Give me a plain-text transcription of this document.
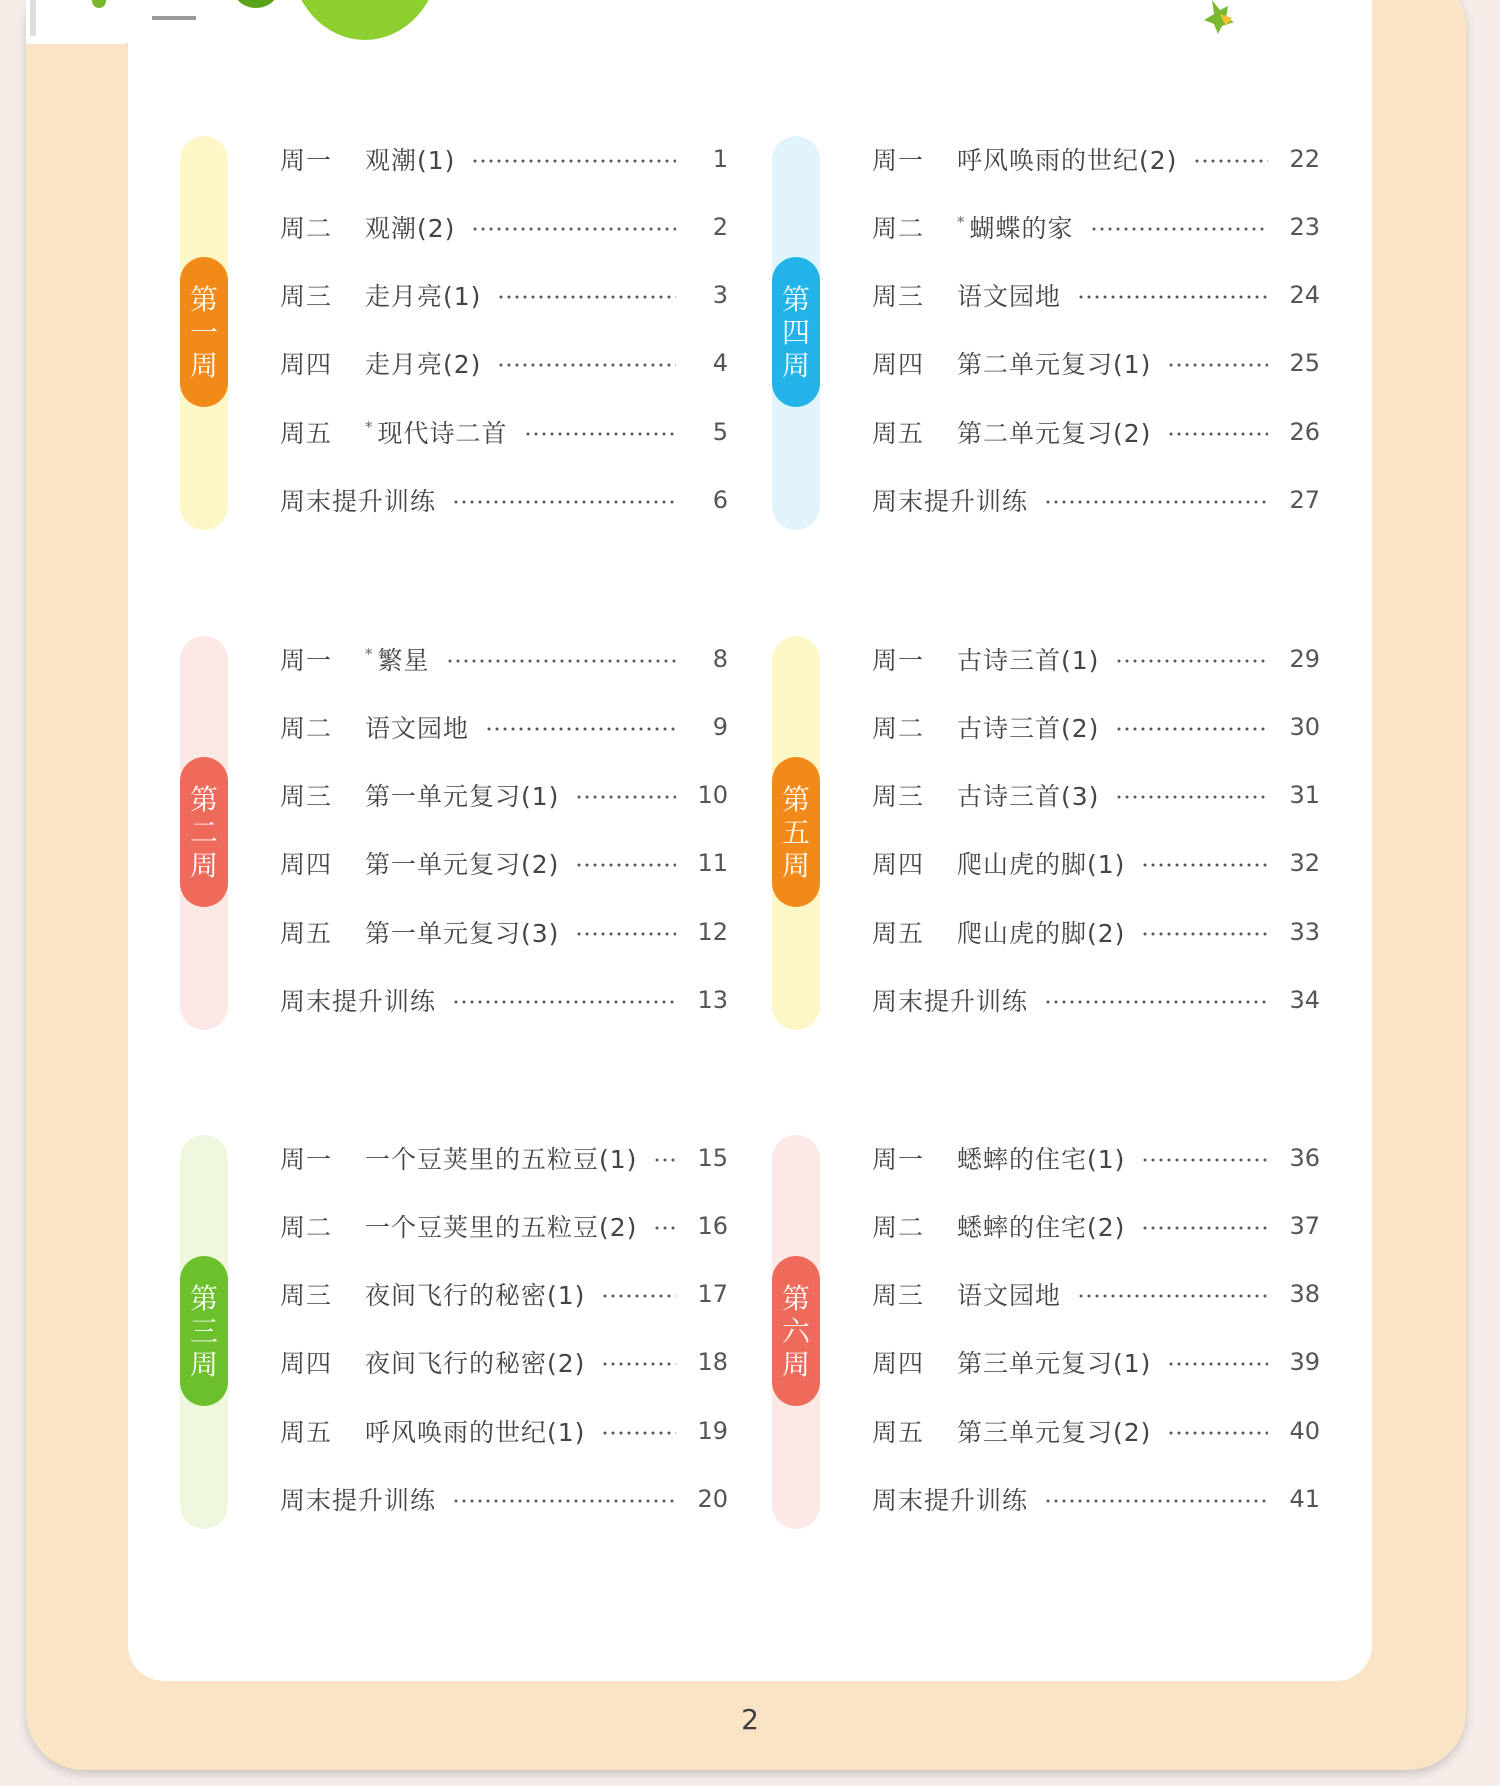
第
一
周
周一	观潮(1)	1
周二	观潮(2)	2
周三	走月亮(1)	3
周四	走月亮(2)	4
周五	* 现代诗二首	5
周末提升训练	6
第
二
周
周一	* 繁星	8
周二	语文园地	9
周三	第一单元复习(1)	10
周四	第一单元复习(2)	11
周五	第一单元复习(3)	12
周末提升训练	13
第
三
周
周一	一个豆荚里的五粒豆(1)	15
周二	一个豆荚里的五粒豆(2)	16
周三	夜间飞行的秘密(1)	17
周四	夜间飞行的秘密(2)	18
周五	呼风唤雨的世纪(1)	19
周末提升训练	20
第
四
周
周一	呼风唤雨的世纪(2)	22
周二	* 蝴蝶的家	23
周三	语文园地	24
周四	第二单元复习(1)	25
周五	第二单元复习(2)	26
周末提升训练	27
第
五
周
周一	古诗三首(1)	29
周二	古诗三首(2)	30
周三	古诗三首(3)	31
周四	爬山虎的脚(1)	32
周五	爬山虎的脚(2)	33
周末提升训练	34
第
六
周
周一	蟋蟀的住宅(1)	36
周二	蟋蟀的住宅(2)	37
周三	语文园地	38
周四	第三单元复习(1)	39
周五	第三单元复习(2)	40
周末提升训练	41
2
